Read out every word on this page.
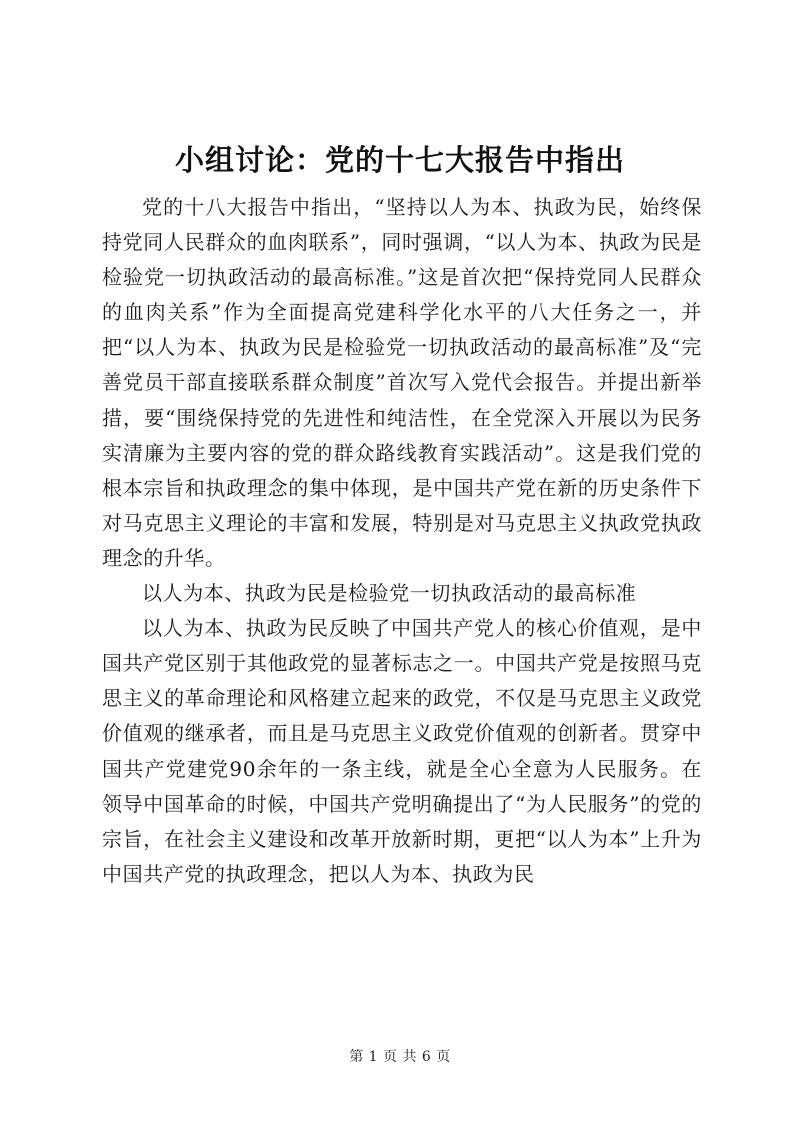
小组讨论：党的十七大报告中指出

党的十八大报告中指出，“坚持以人为本、执政为民，始终保持党同人民群众的血肉联系”，同时强调，“以人为本、执政为民是检验党一切执政活动的最高标准。”这是首次把“保持党同人民群众的血肉关系”作为全面提高党建科学化水平的八大任务之一，并把“以人为本、执政为民是检验党一切执政活动的最高标准”及“完善党员干部直接联系群众制度”首次写入党代会报告。并提出新举措，要“围绕保持党的先进性和纯洁性，在全党深入开展以为民务实清廉为主要内容的党的群众路线教育实践活动”。这是我们党的根本宗旨和执政理念的集中体现，是中国共产党在新的历史条件下对马克思主义理论的丰富和发展，特别是对马克思主义执政党执政理念的升华。

以人为本、执政为民是检验党一切执政活动的最高标准

以人为本、执政为民反映了中国共产党人的核心价值观，是中国共产党区别于其他政党的显著标志之一。中国共产党是按照马克思主义的革命理论和风格建立起来的政党，不仅是马克思主义政党价值观的继承者，而且是马克思主义政党价值观的创新者。贯穿中国共产党建党90余年的一条主线，就是全心全意为人民服务。在领导中国革命的时候，中国共产党明确提出了“为人民服务”的党的宗旨，在社会主义建设和改革开放新时期，更把“以人为本”上升为中国共产党的执政理念，把以人为本、执政为民

第 1 页 共 6 页
